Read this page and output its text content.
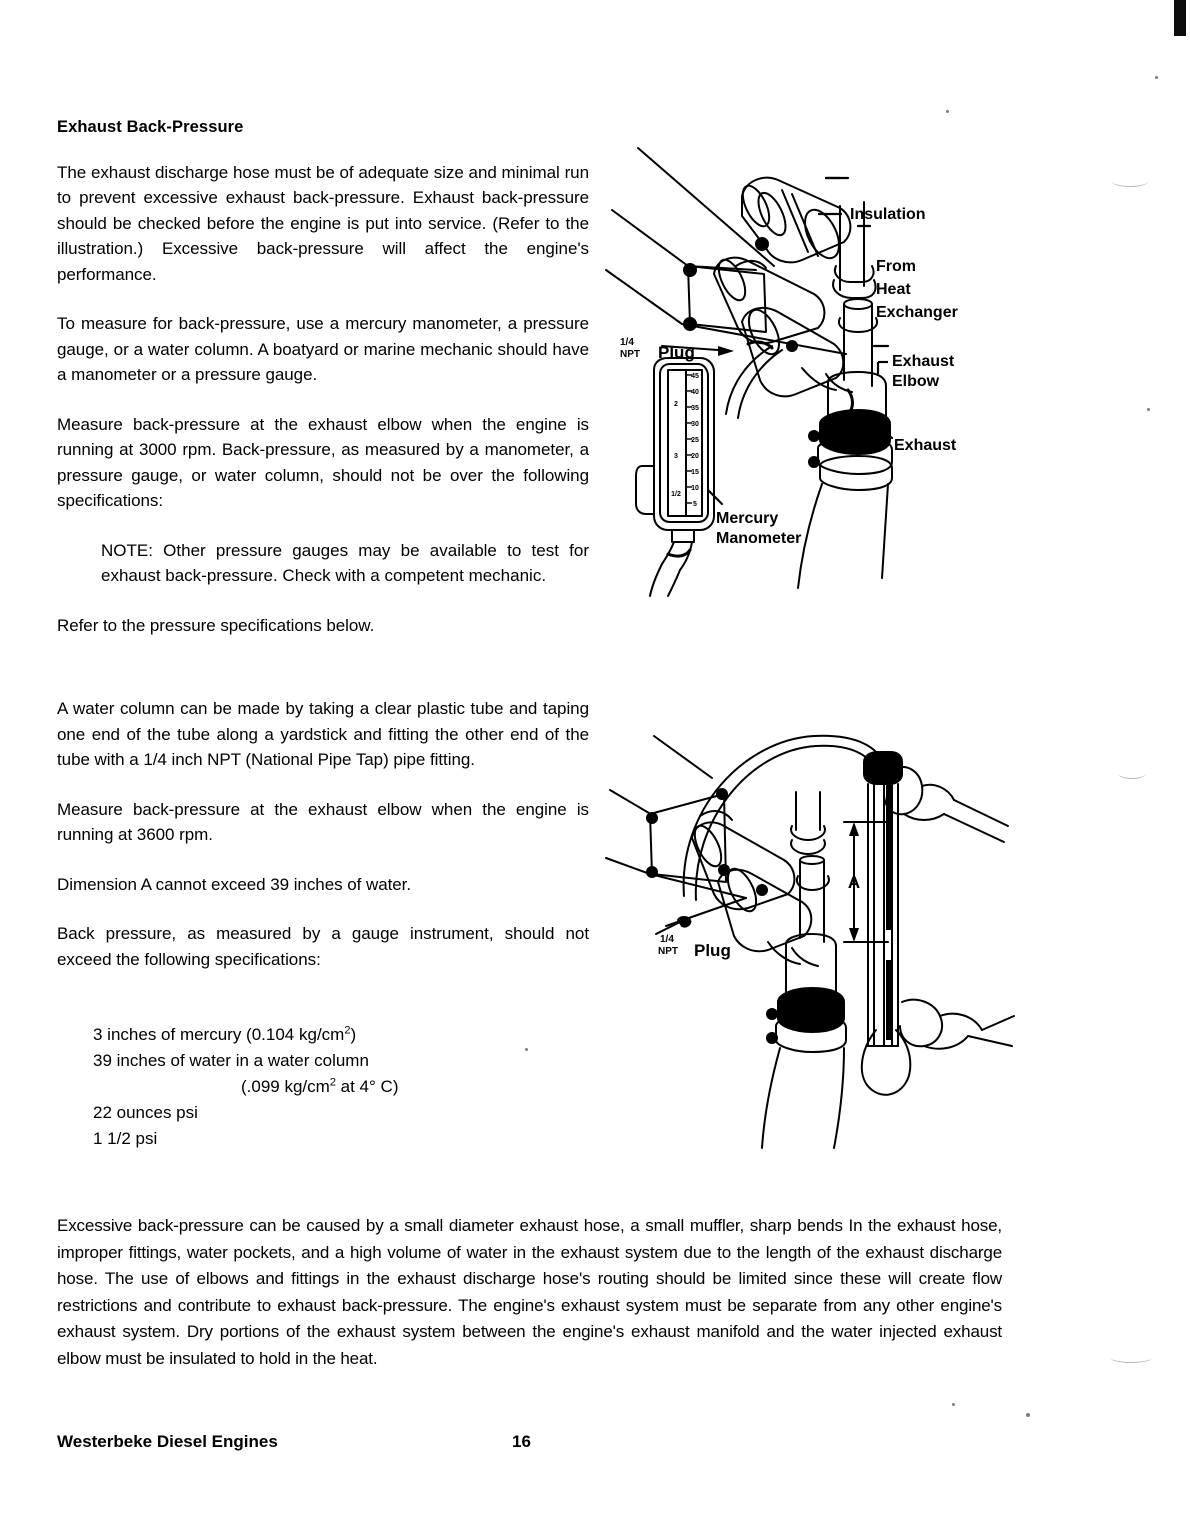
Exhaust Back-Pressure

The exhaust discharge hose must be of adequate size and minimal run to prevent excessive exhaust back-pressure. Exhaust back-pressure should be checked before the engine is put into service. (Refer to the illustration.) Excessive back-pressure will affect the engine's performance.

To measure for back-pressure, use a mercury manometer, a pressure gauge, or a water column. A boatyard or marine mechanic should have a manometer or a pressure gauge.

Measure back-pressure at the exhaust elbow when the engine is running at 3000 rpm. Back-pressure, as measured by a manometer, a pressure gauge, or water column, should not be over the following specifications:

NOTE: Other pressure gauges may be available to test for exhaust back-pressure. Check with a competent mechanic.

Refer to the pressure specifications below.

A water column can be made by taking a clear plastic tube and taping one end of the tube along a yardstick and fitting the other end of the tube with a 1/4 inch NPT (National Pipe Tap) pipe fitting.

Measure back-pressure at the exhaust elbow when the engine is running at 3600 rpm.

Dimension A cannot exceed 39 inches of water.

Back pressure, as measured by a gauge instrument, should not exceed the following specifications:

3 inches of mercury (0.104 $kg/cm^2$)
39 inches of water in a water column
(.099 $kg/cm^2$ at 4° C)
22 ounces psi
1 1/2 psi

Excessive back-pressure can be caused by a small diameter exhaust hose, a small muffler, sharp bends In the exhaust hose, improper fittings, water pockets, and a high volume of water in the exhaust system due to the length of the exhaust discharge hose. The use of elbows and fittings in the exhaust discharge hose's routing should be limited since these will create flow restrictions and contribute to exhaust back-pressure. The engine's exhaust system must be separate from any other engine's exhaust system. Dry portions of the exhaust system between the engine's exhaust manifold and the water injected exhaust elbow must be insulated to hold in the heat.

Westerbeke Diesel Engines	16
45
40
35
30
25
20
15
10
5
2
3
1/2
Insulation
From
Heat
Exchanger
Exhaust
Elbow
Exhaust
Mercury
Manometer
1/4
NPT Plug
A
1/4
NPT Plug
